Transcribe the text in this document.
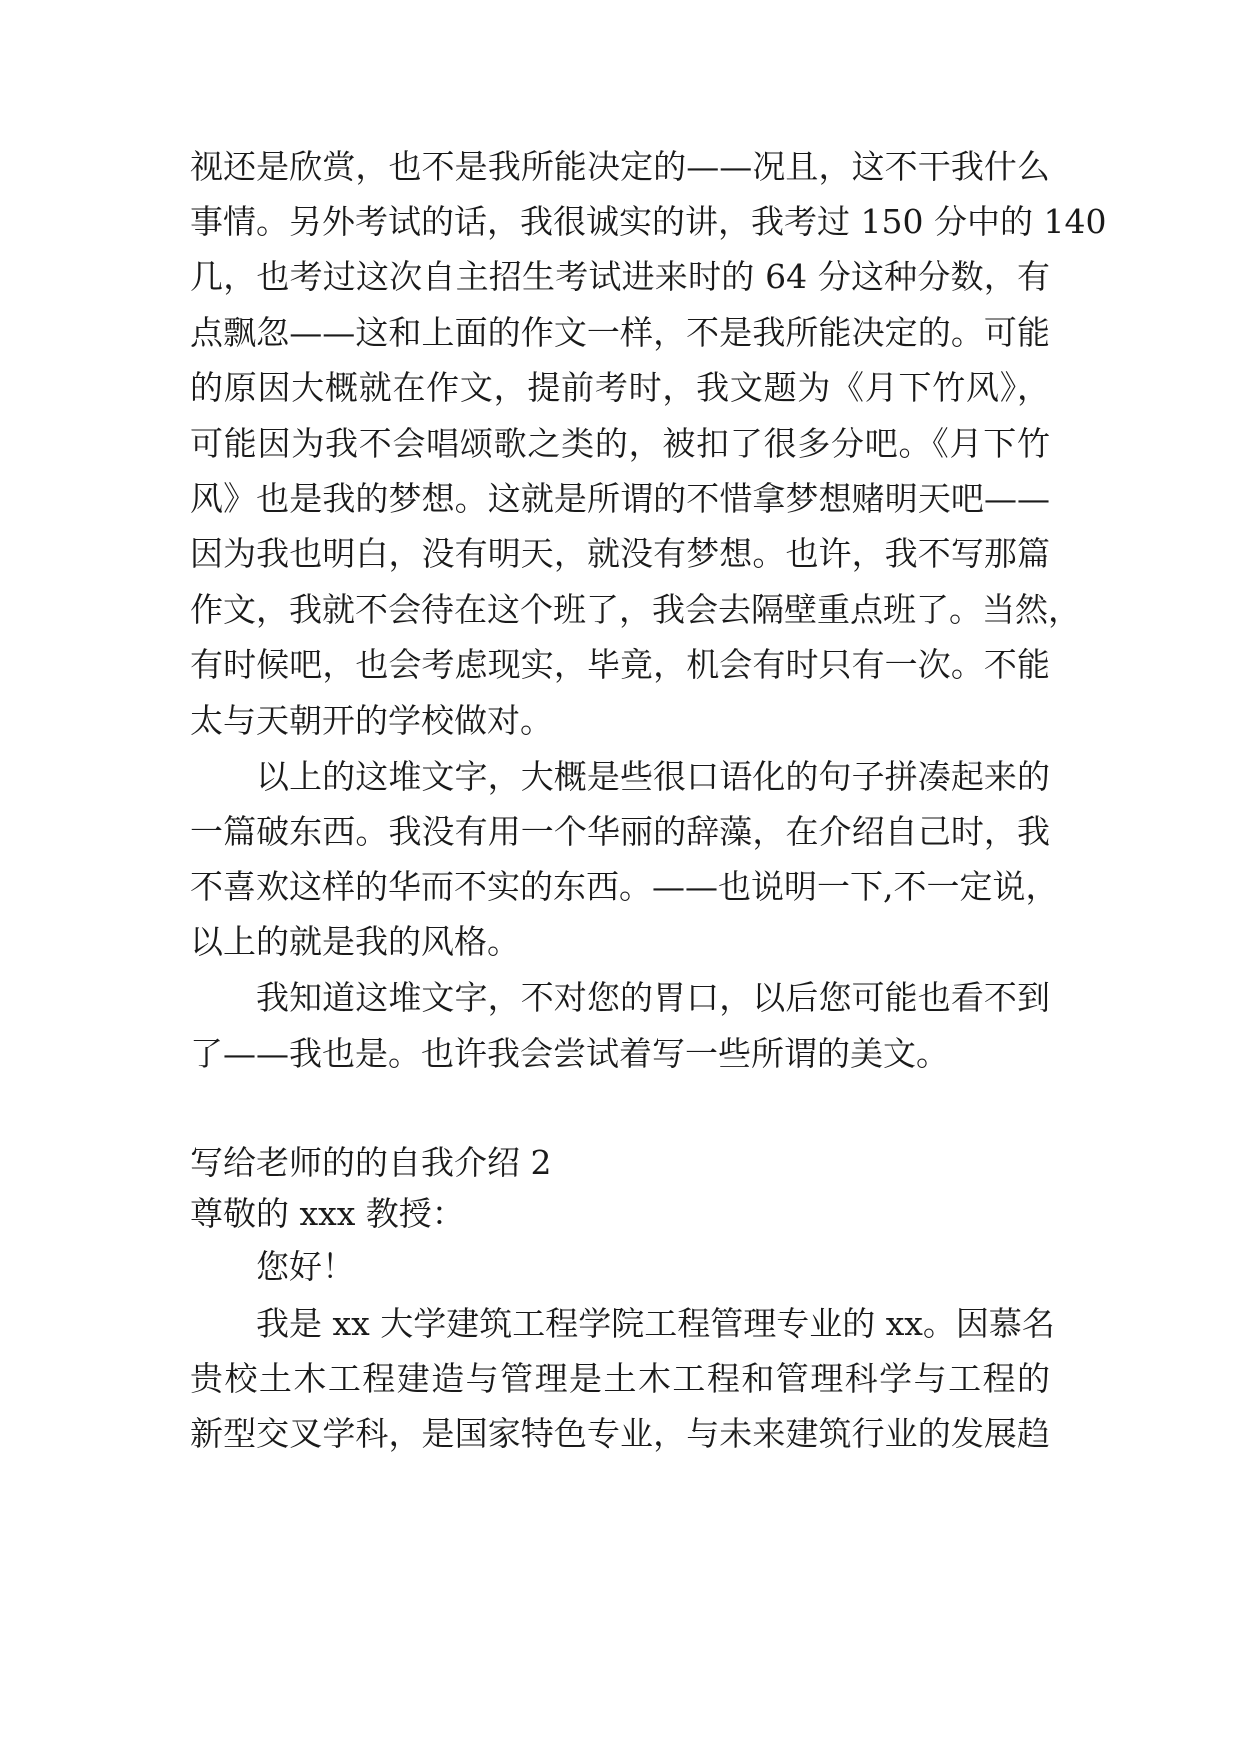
视还是欣赏，也不是我所能决定的——况且，这不干我什么

事情。另外考试的话，我很诚实的讲，我考过 150 分中的 140

几，也考过这次自主招生考试进来时的 64 分这种分数，有

点飘忽——这和上面的作文一样，不是我所能决定的。可能

的原因大概就在作文，提前考时，我文题为《月下竹风》，

可能因为我不会唱颂歌之类的，被扣了很多分吧。《月下竹

风》也是我的梦想。这就是所谓的不惜拿梦想赌明天吧——

因为我也明白，没有明天，就没有梦想。也许，我不写那篇

作文，我就不会待在这个班了，我会去隔壁重点班了。当然，

有时候吧，也会考虑现实，毕竟，机会有时只有一次。不能

太与天朝开的学校做对。

以上的这堆文字，大概是些很口语化的句子拼凑起来的

一篇破东西。我没有用一个华丽的辞藻，在介绍自己时，我

不喜欢这样的华而不实的东西。——也说明一下,不一定说，

以上的就是我的风格。

我知道这堆文字，不对您的胃口，以后您可能也看不到

了——我也是。也许我会尝试着写一些所谓的美文。

写给老师的的自我介绍 2

尊敬的 xxx 教授：

您好！

我是 xx 大学建筑工程学院工程管理专业的 xx。因慕名

贵校土木工程建造与管理是土木工程和管理科学与工程的

新型交叉学科，是国家特色专业，与未来建筑行业的发展趋
